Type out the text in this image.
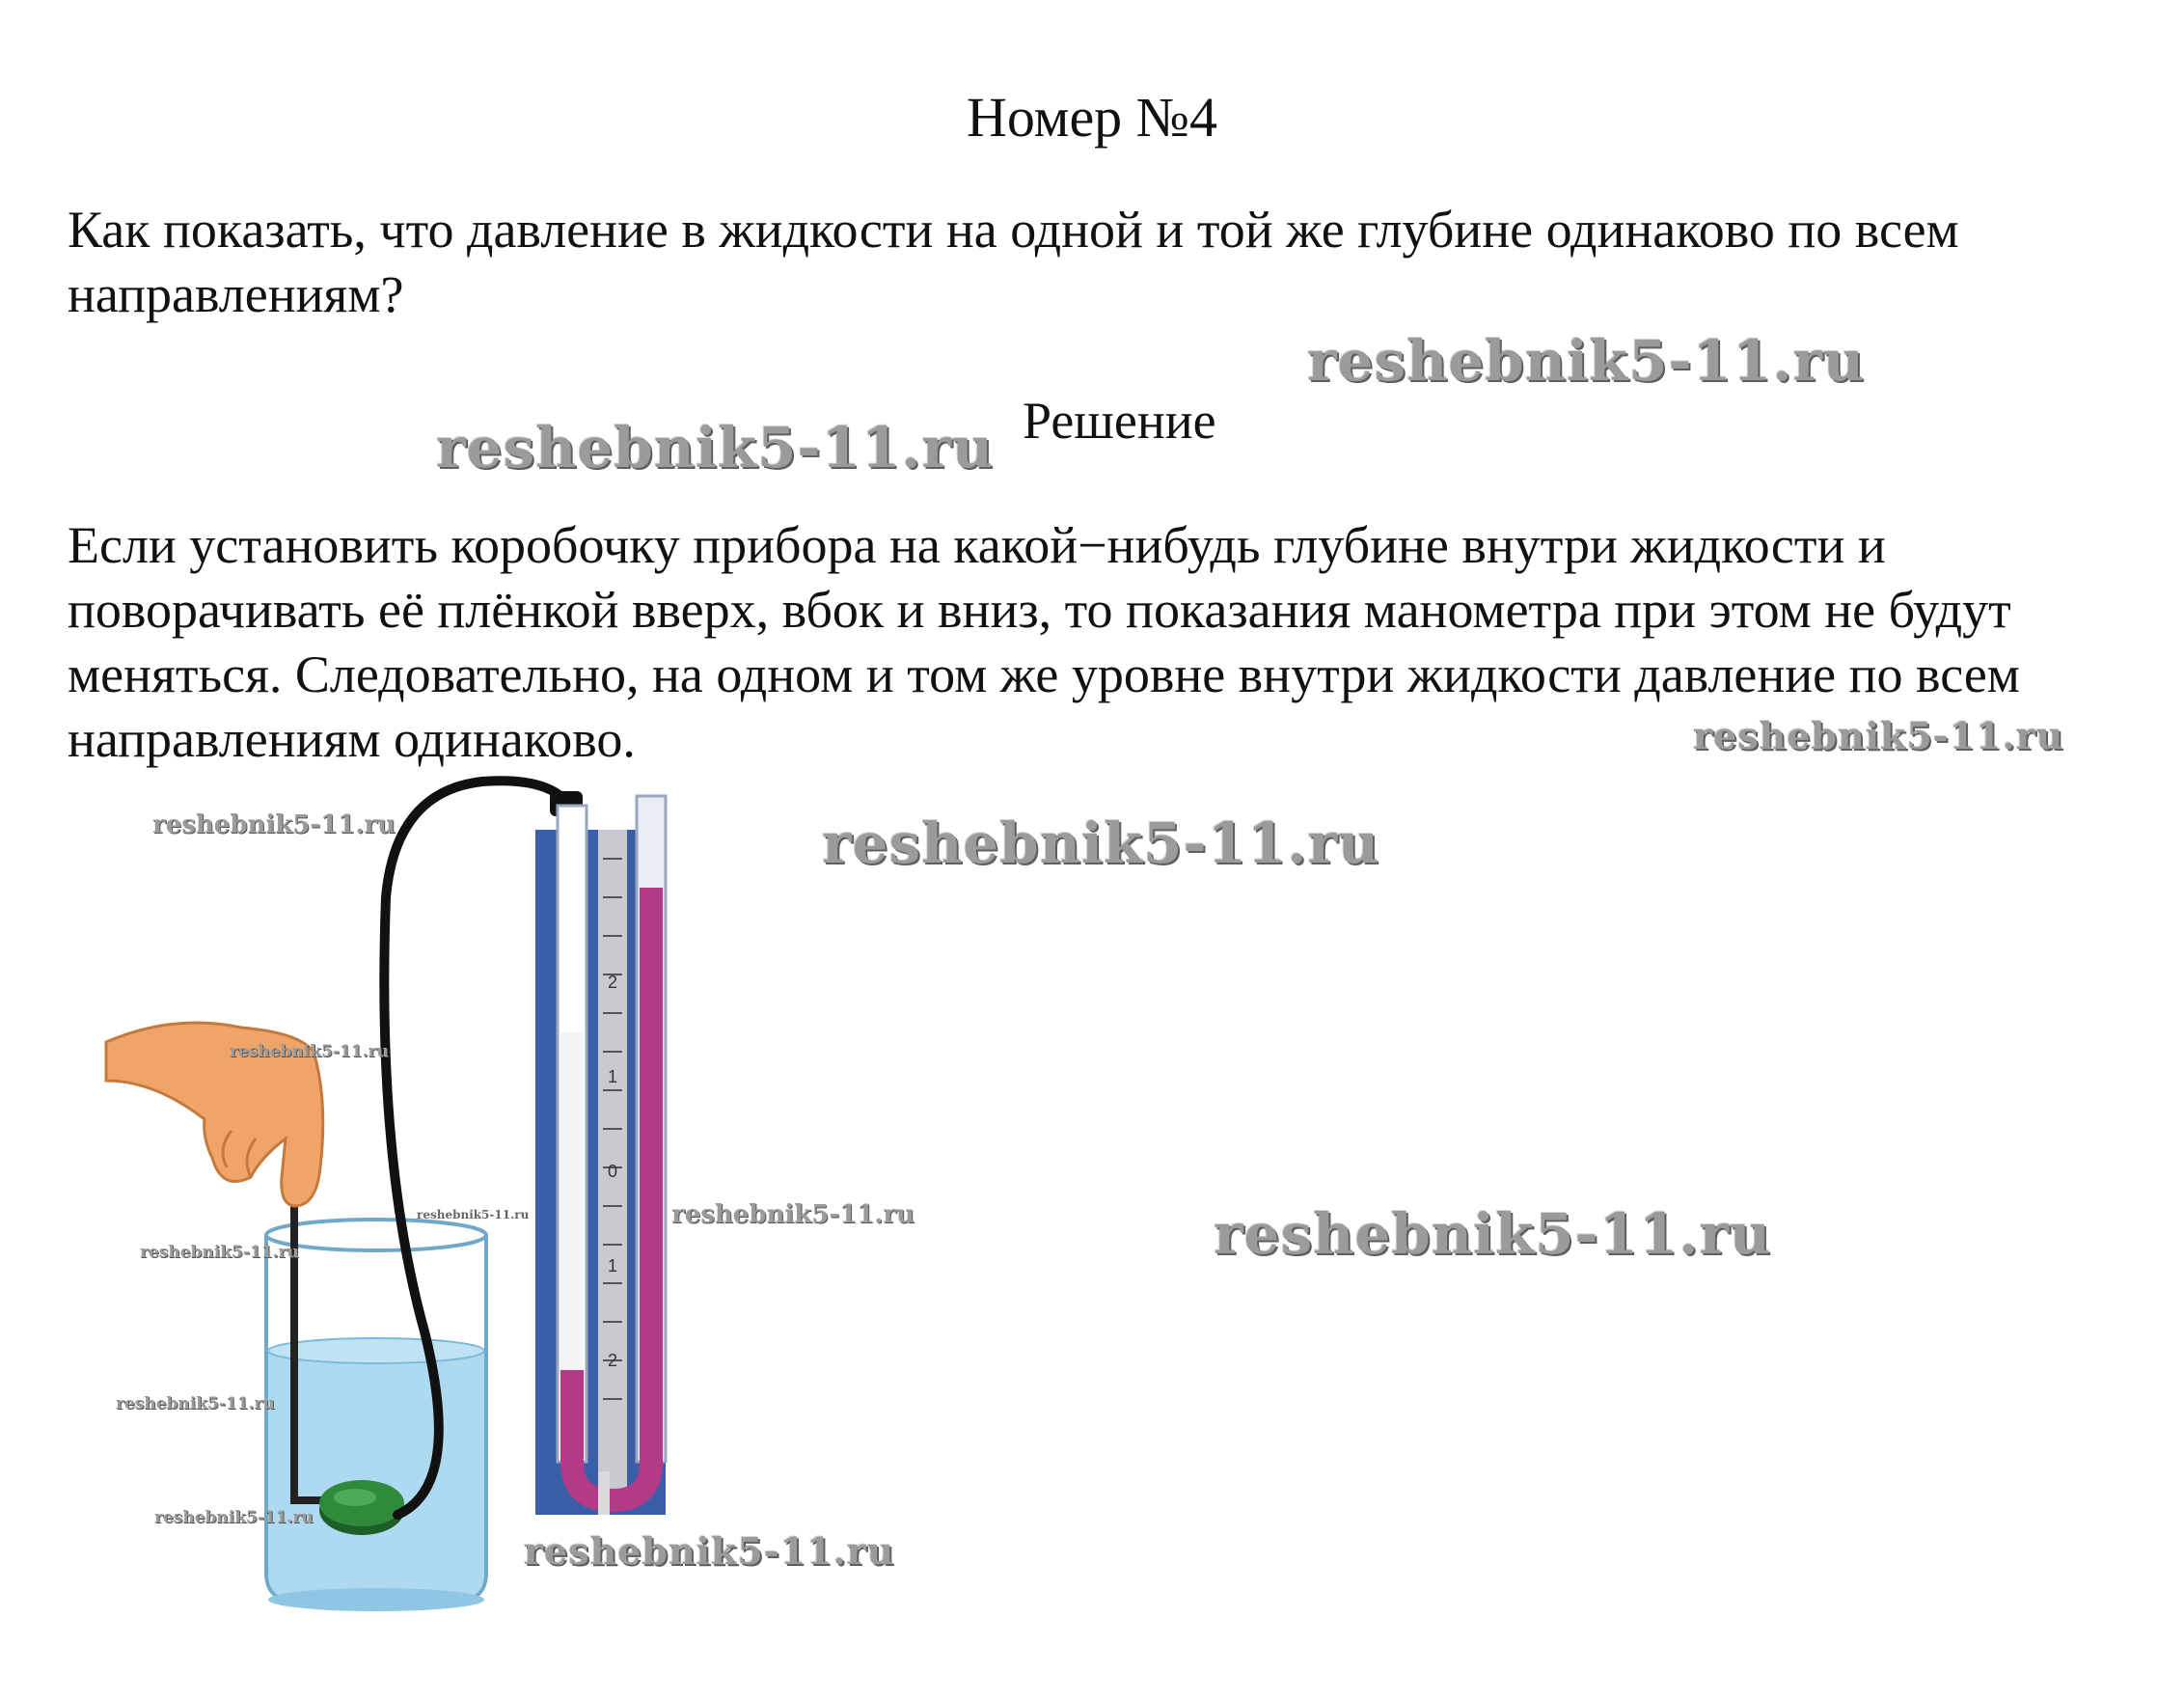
Номер №4

Как показать, что давление в жидкости на одной и той же глубине одинаково по всем направлениям?

reshebnik5-11.ru
Решение
reshebnik5-11.ru

Если установить коробочку прибора на какой−нибудь глубине внутри жидкости и поворачивать её плёнкой вверх, вбок и вниз, то показания манометра при этом не будут меняться. Следовательно, на одном и том же уровне внутри жидкости давление по всем направлениям одинаково.	reshebnik5-11.ru
reshebnik5-11.ru
reshebnik5-11.ru
2
1
0
1
2
reshebnik5-11.ru
reshebnik5-11.ru
reshebnik5-11.ru
reshebnik5-11.ru
reshebnik5-11.ru
reshebnik5-11.ru
reshebnik5-11.ru
reshebnik5-11.ru
